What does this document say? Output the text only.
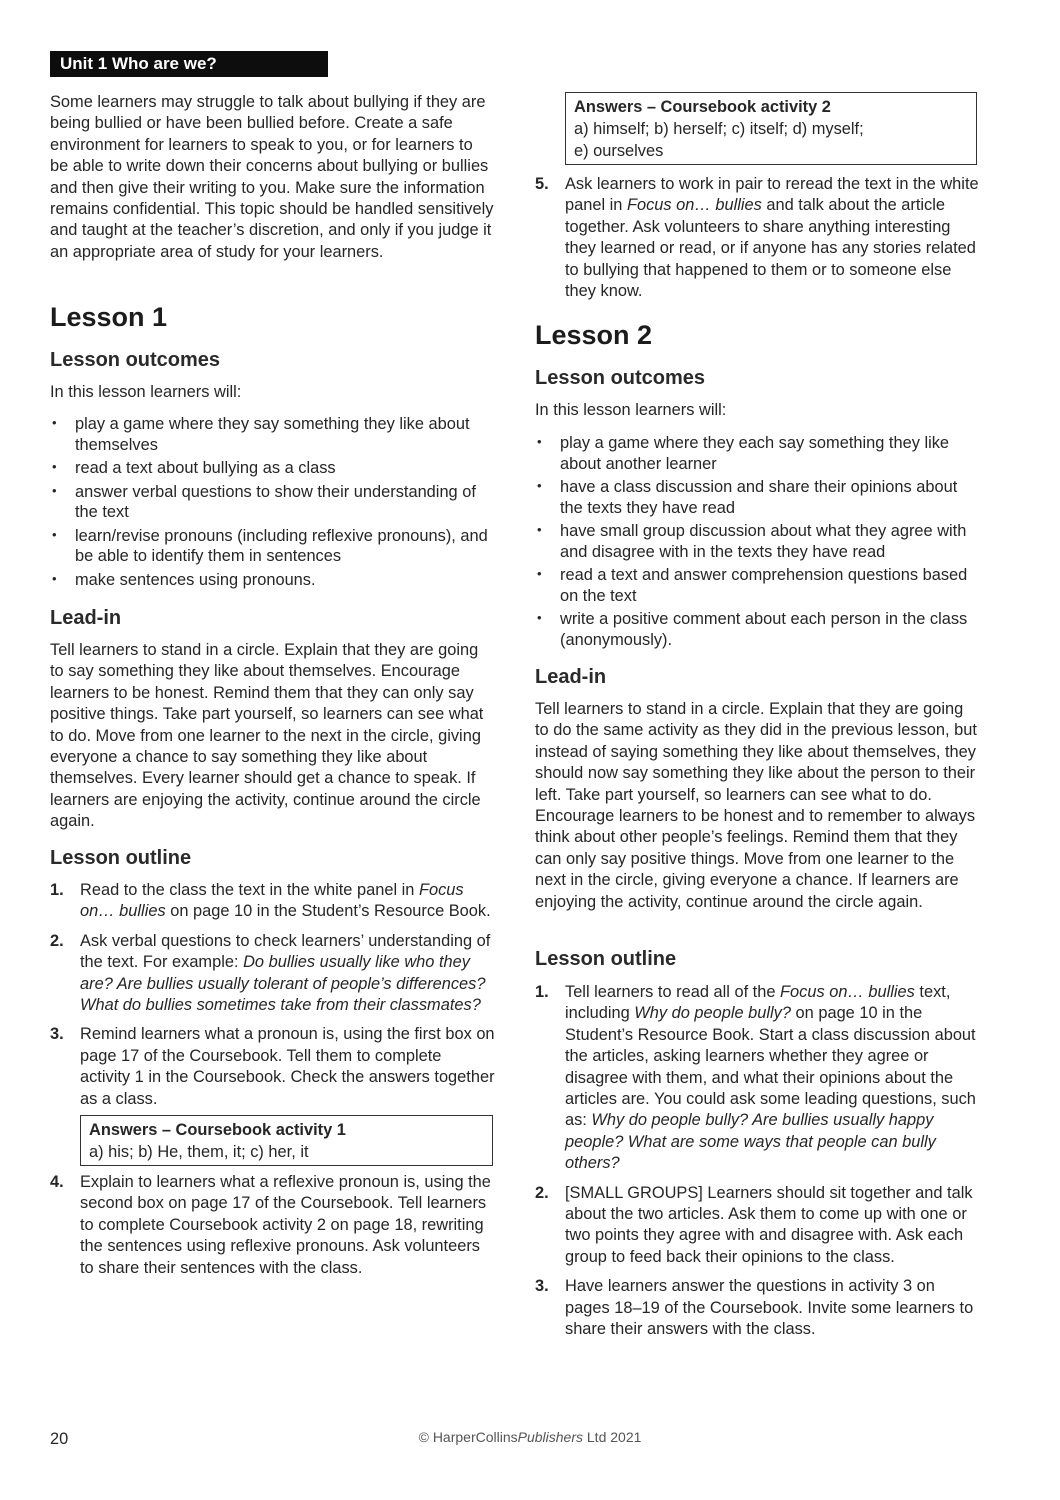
Unit 1 Who are we?

Some learners may struggle to talk about bullying if they are being bullied or have been bullied before. Create a safe environment for learners to speak to you, or for learners to be able to write down their concerns about bullying or bullies and then give their writing to you. Make sure the information remains confidential. This topic should be handled sensitively and taught at the teacher’s discretion, and only if you judge it an appropriate area of study for your learners.

Lesson 1
Lesson outcomes

In this lesson learners will:

• play a game where they say something they like about themselves
• read a text about bullying as a class
• answer verbal questions to show their understanding of the text
• learn/revise pronouns (including reflexive pronouns), and be able to identify them in sentences
• make sentences using pronouns.
Lead-in

Tell learners to stand in a circle. Explain that they are going to say something they like about themselves. Encourage learners to be honest. Remind them that they can only say positive things. Take part yourself, so learners can see what to do. Move from one learner to the next in the circle, giving everyone a chance to say something they like about themselves. Every learner should get a chance to speak. If learners are enjoying the activity, continue around the circle again.

Lesson outline
1. Read to the class the text in the white panel in Focus on… bullies on page 10 in the Student’s Resource Book.
2. Ask verbal questions to check learners’ understanding of the text. For example: Do bullies usually like who they are? Are bullies usually tolerant of people’s differences? What do bullies sometimes take from their classmates?
3. Remind learners what a pronoun is, using the first box on page 17 of the Coursebook. Tell them to complete activity 1 in the Coursebook. Check the answers together as a class.
Answers – Coursebook activity 1
a) his; b) He, them, it; c) her, it
4. Explain to learners what a reflexive pronoun is, using the second box on page 17 of the Coursebook. Tell learners to complete Coursebook activity 2 on page 18, rewriting the sentences using reflexive pronouns. Ask volunteers to share their sentences with the class.
Answers – Coursebook activity 2
a) himself; b) herself; c) itself; d) myself;
e) ourselves
5. Ask learners to work in pair to reread the text in the white panel in Focus on… bullies and talk about the article together. Ask volunteers to share anything interesting they learned or read, or if anyone has any stories related to bullying that happened to them or to someone else they know.
Lesson 2
Lesson outcomes

In this lesson learners will:

• play a game where they each say something they like about another learner
• have a class discussion and share their opinions about the texts they have read
• have small group discussion about what they agree with and disagree with in the texts they have read
• read a text and answer comprehension questions based on the text
• write a positive comment about each person in the class (anonymously).
Lead-in

Tell learners to stand in a circle. Explain that they are going to do the same activity as they did in the previous lesson, but instead of saying something they like about themselves, they should now say something they like about the person to their left. Take part yourself, so learners can see what to do. Encourage learners to be honest and to remember to always think about other people’s feelings. Remind them that they can only say positive things. Move from one learner to the next in the circle, giving everyone a chance. If learners are enjoying the activity, continue around the circle again.

Lesson outline
1. Tell learners to read all of the Focus on… bullies text, including Why do people bully? on page 10 in the Student’s Resource Book. Start a class discussion about the articles, asking learners whether they agree or disagree with them, and what their opinions about the articles are. You could ask some leading questions, such as: Why do people bully? Are bullies usually happy people? What are some ways that people can bully others?
2. [SMALL GROUPS] Learners should sit together and talk about the two articles. Ask them to come up with one or two points they agree with and disagree with. Ask each group to feed back their opinions to the class.
3. Have learners answer the questions in activity 3 on pages 18–19 of the Coursebook. Invite some learners to share their answers with the class.
20	© HarperCollinsPublishers Ltd 2021
